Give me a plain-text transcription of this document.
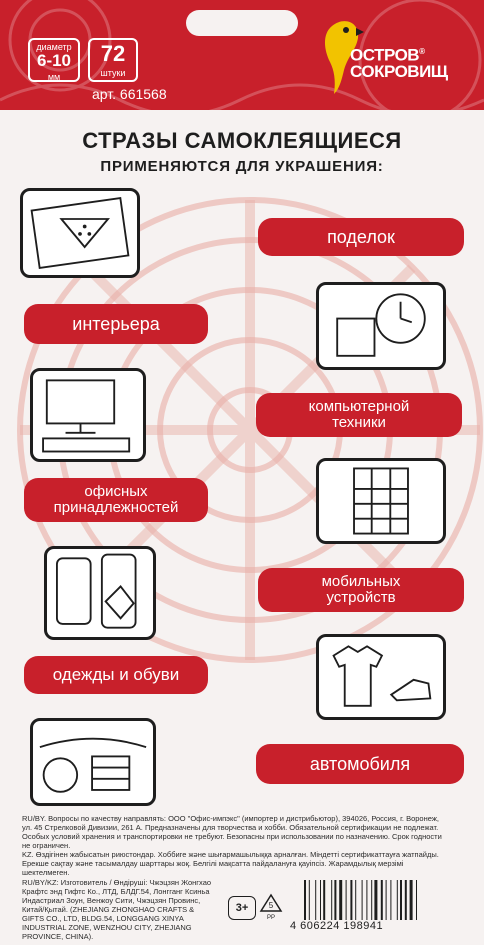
диаметр
6-10
мм
72
штуки
арт. 661568
ОСТРОВ®
СОКРОВИЩ
СТРАЗЫ САМОКЛЕЯЩИЕСЯ
ПРИМЕНЯЮТСЯ ДЛЯ УКРАШЕНИЯ:
поделок
интерьера
компьютерной
техники
офисных
принадлежностей
мобильных
устройств
одежды и обуви
автомобиля
RU/BY. Вопросы по качеству направлять: ООО "Офис-импэкс" (импортер и дистрибьютор), 394026, Россия, г. Воронеж, ул. 45 Стрелковой Дивизии, 261 А. Предназначены для творчества и хобби. Обязательной сертификации не подлежат. Особых условий хранения и транспортировки не требуют. Безопасны при использовании по назначению. Срок годности не ограничен.
KZ. Өздігінен жабысатын риюстондар. Хоббиге және шығармашылыққа арналған. Міндетті сертификаттауға жатпайды. Ерекше сақтау және тасымалдау шарттары жоқ. Белгілі мақсатта пайдалануға қауіпсіз. Жарамдылық мерзімі шектелмеген.
RU/BY/KZ: Изготовитель / Өндіруші: Чжэцзян Жонгхао Крафтс энд Гифтс Ко., ЛТД, БЛДГ.54, Лонгганг Ксиньа Индастриал Зоун, Венжоу Сити, Чжэцзян Провинс, Китай/Қытай. (ZHEJIANG ZHONGHAO CRAFTS & GIFTS CO., LTD, BLDG.54, LONGGANG XINYA INDUSTRIAL ZONE, WENZHOU CITY, ZHEJIANG PROVINCE, CHINA).
3+	5
PP
4 606224 198941
